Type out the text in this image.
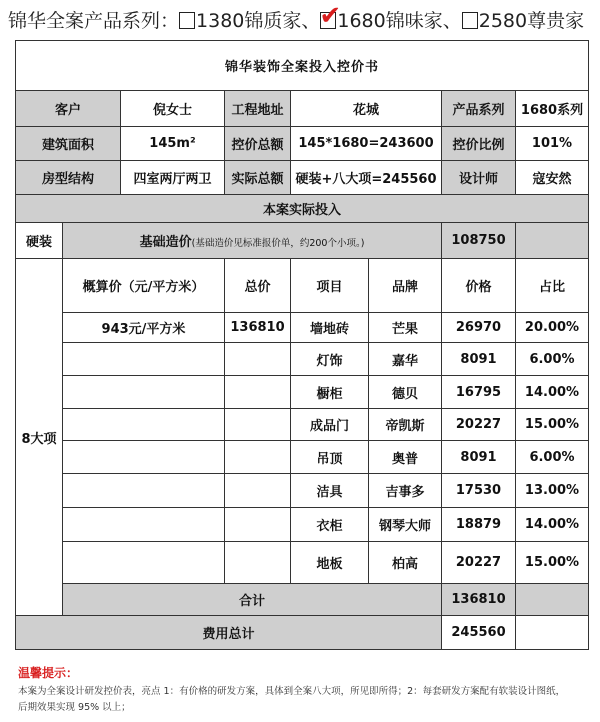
锦华全案产品系列： 1380锦质家、 ✔
1680锦味家、 2580尊贵家
锦华装饰全案投入控价书							
客户		倪女士	工程地址	花城		产品系列	1680系列
建筑面积		145m²	控价总额	145*1680=243600		控价比例	101%
房型结构		四室两厅两卫	实际总额	硬装+八大项=245560		设计师	寇安然
本案实际投入							
硬装	基础造价(基础造价见标准报价单，约200个小项。)					108750	
8大项	概算价（元/平方米）		总价	项目	品牌	价格	占比
	943元/平方米		136810	墙地砖	芒果	26970	20.00%
				灯饰	嘉华	8091	6.00%
				橱柜	德贝	16795	14.00%
				成品门	帝凯斯	20227	15.00%
				吊顶	奥普	8091	6.00%
				洁具	吉事多	17530	13.00%
				衣柜	钢琴大师	18879	14.00%
				地板	柏高	20227	15.00%
	合计					136810	
费用总计						245560	
温馨提示：
本案为全案设计研发控价表，亮点 1：有价格的研发方案，具体到全案八大项，所见即所得；2：每套研发方案配有软装设计图纸，
后期效果实现 95% 以上；
